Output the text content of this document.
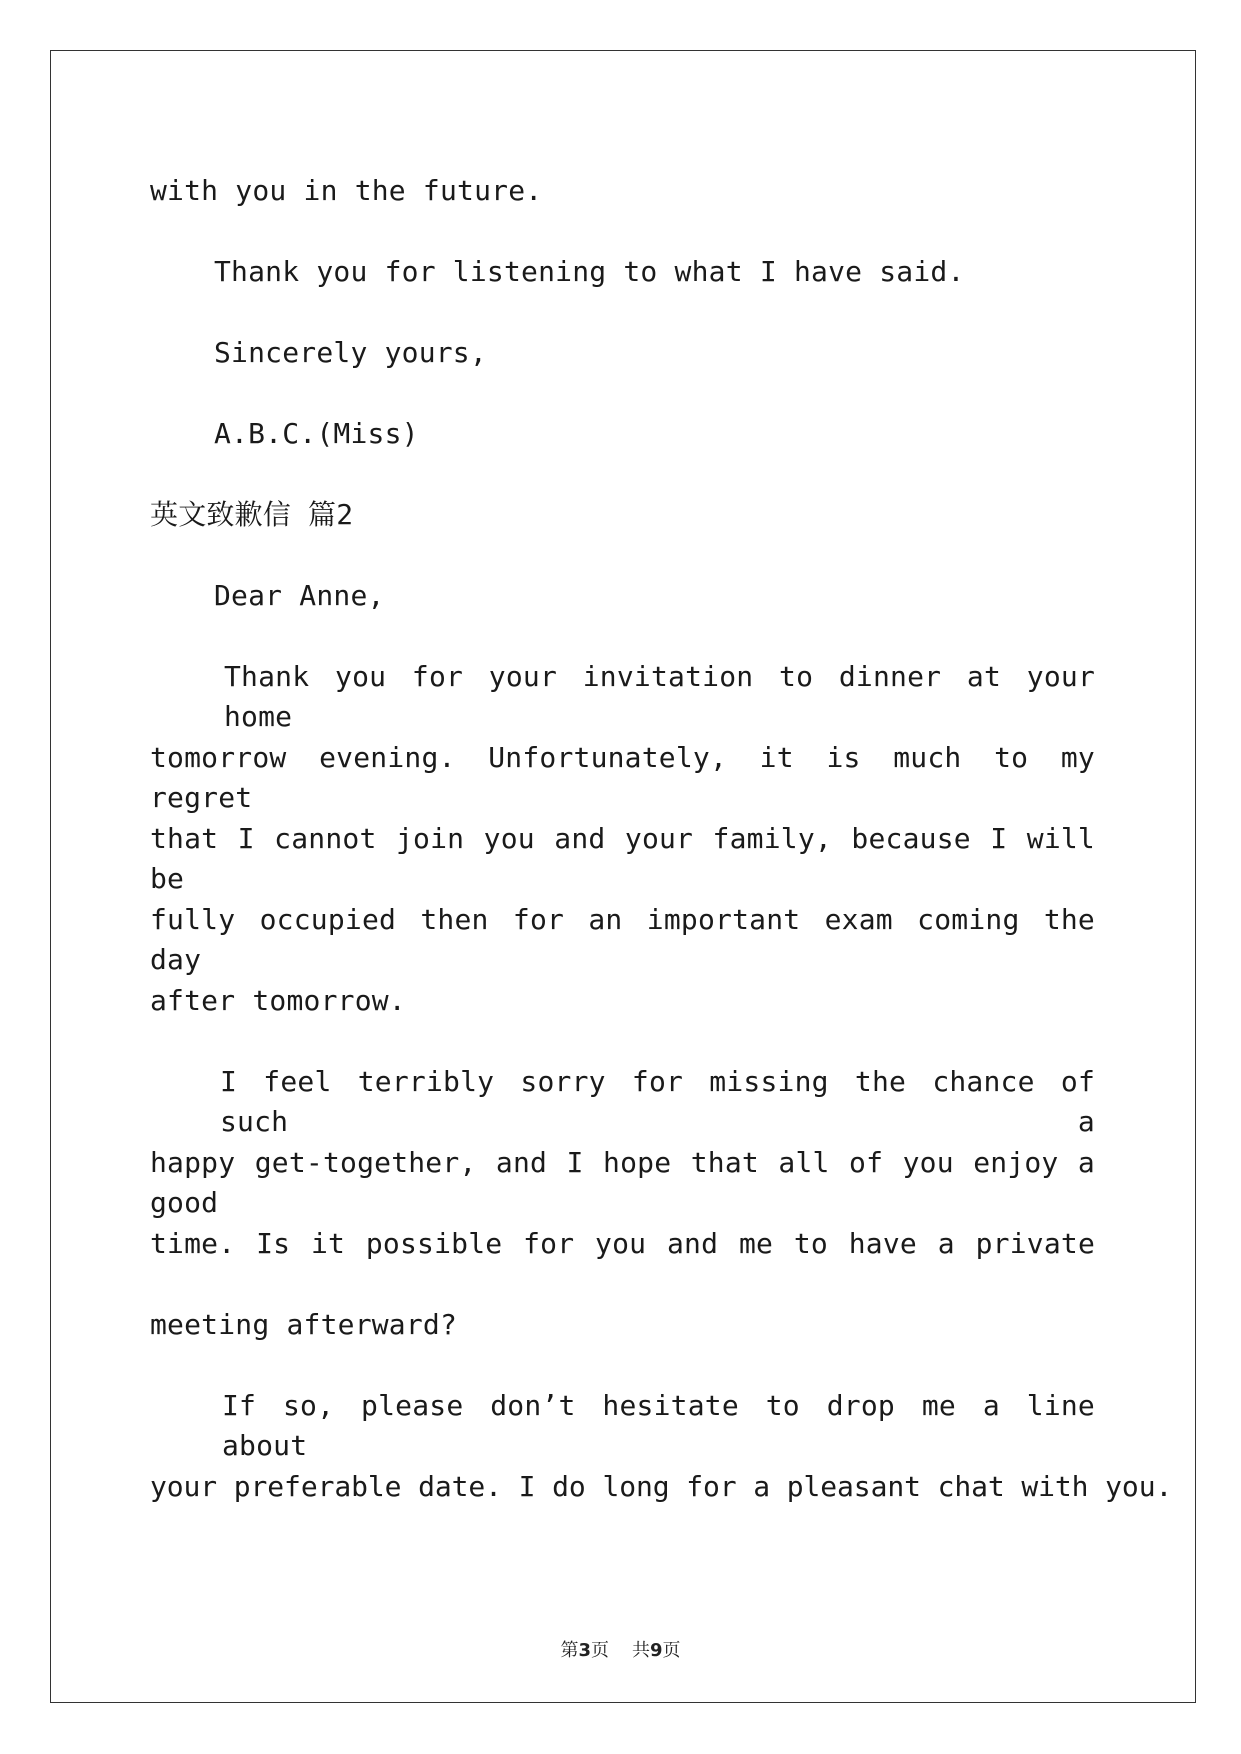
with you in the future.
Thank you for listening to what I have said.
Sincerely yours,
A.B.C.(Miss)
英文致歉信 篇2
Dear Anne,
Thank you for your invitation to dinner at your home
tomorrow evening. Unfortunately, it is much to my regret
that I cannot join you and your family, because I will be
fully occupied then for an important exam coming the day
after tomorrow.
I feel terribly sorry for missing the chance of such a
happy get-together, and I hope that all of you enjoy a good
time. Is it possible for you and me to have a private
meeting afterward?
If so, please don’t hesitate to drop me a line about
your preferable date. I do long for a pleasant chat with you.
第3页 共9页
